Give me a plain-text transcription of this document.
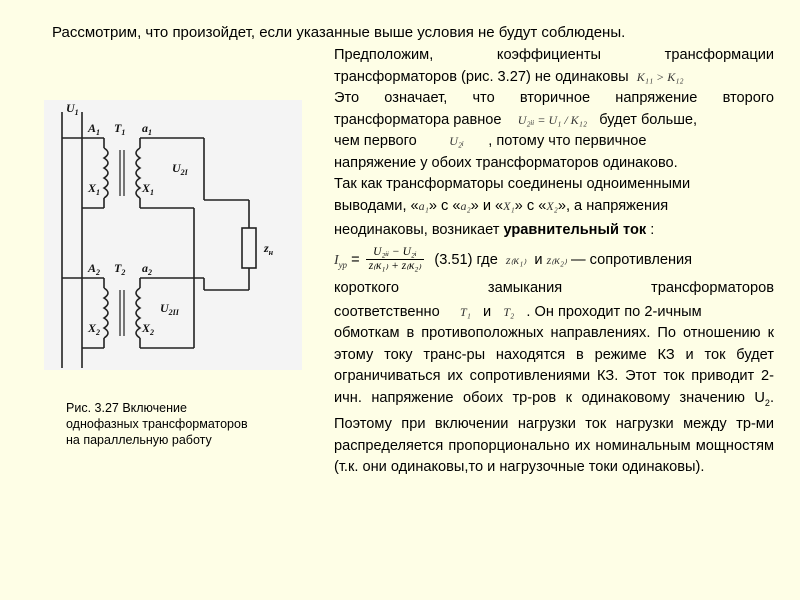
Рассмотрим, что произойдет, если указанные выше условия не будут соблюдены.
$U_1$
$A_1$ $T_1$ $a_1$
$X_1$	$X_1$
$U_{2I}$
$A_2$ $T_2$ $a_2$
$X_2$	$X_2$
$U_{2II}$
$z_н$
Рис. 3.27 Включение однофазных трансформаторов на параллельную работу
Предположим, коэффициенты трансформации
трансформаторов (рис. 3.27) не одинаковы K₁₁ > K₁₂
Это означает, что вторичное напряжение второго
трансформатора равное U₂ᵢᵢ = U₁ / K₁₂ будет больше,
чем первого	U₂ᵢ , потому что первичное
напряжение у обоих трансформаторов одинаково.
Так как трансформаторы соединены одноименными
выводами, «a₁» с «a₂» и «X₁» с «X₂», а напряжения
неодинаковы, возникает уравнительный ток :
$I_{ур} = \frac{\text{U₂ᵢᵢ − U₂ᵢ}}{\text{z₍к₁₎ + z₍к₂₎}} (3.51)$ где z₍к₁₎ и z₍к₂₎ — сопротивления
короткого замыкания трансформаторов
соответственно T₁ и T₂ . Он проходит по 2-ичным

обмоткам в противоположных направлениях. По отношению к этому току транс-ры находятся в режиме КЗ и ток будет ограничиваться их сопротивлениями КЗ. Этот ток приводит 2-ичн. напряжение обоих тр-ров к одинаковому значению $U_2$. Поэтому при включении нагрузки ток нагрузки между тр-ми распределяется пропорционально их номинальным мощностям (т.к. они одинаковы,то и нагрузочные токи одинаковы).
